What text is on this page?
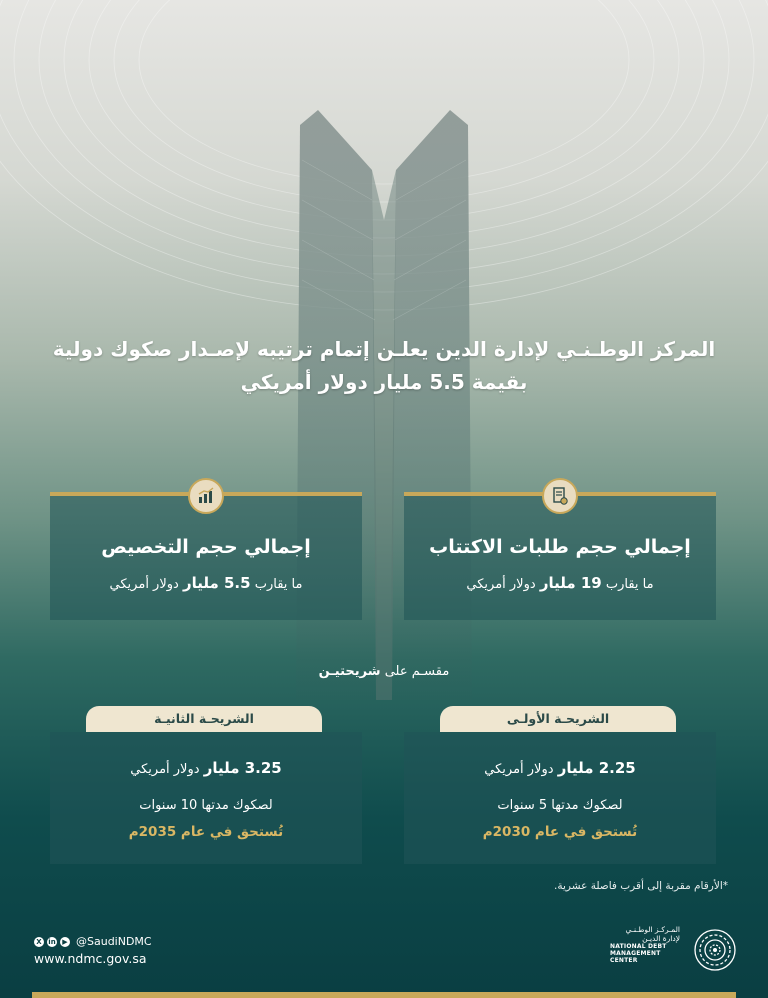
المركز الوطـنـي لإدارة الدين يعلـن إتمام ترتيبه لإصـدار صكوك دولية
بقيمة 5.5 مليار دولار أمريكي
إجمالي حجم طلبات الاكتتاب
ما يقارب 19 مليار دولار أمريكي
إجمالي حجم التخصيص
ما يقارب 5.5 مليار دولار أمريكي
مقسـم على شريحتيـن
الشريحـة الأولـى
2.25 مليار دولار أمريكي
لصكوك مدتها 5 سنوات
تُستحق في عام 2030م
الشريحـة الثانيـة
3.25 مليار دولار أمريكي
لصكوك مدتها 10 سنوات
تُستحق في عام 2035م
*الأرقام مقربة إلى أقرب فاصلة عشرية.
X in ▶ @SaudiNDMC
www.ndmc.gov.sa
المـركـز الوطـنـي
لإدارة الديـن
NATIONAL DEBT
MANAGEMENT
CENTER
